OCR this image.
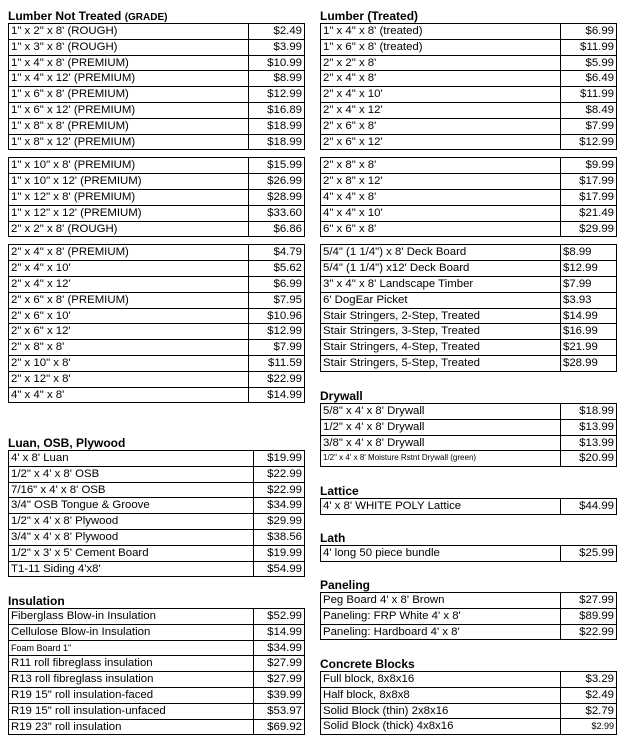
Lumber Not Treated (GRADE)
1" x 2" x 8' (ROUGH)	$2.49
1" x 3" x 8' (ROUGH)	$3.99
1" x 4" x 8' (PREMIUM)	$10.99
1" x 4" x 12' (PREMIUM)	$8.99
1" x 6" x 8' (PREMIUM)	$12.99
1" x 6" x 12' (PREMIUM)	$16.89
1" x 8" x 8' (PREMIUM)	$18.99
1" x 8" x 12' (PREMIUM)	$18.99

1" x 10" x 8' (PREMIUM)	$15.99
1" x 10" x 12' (PREMIUM)	$26.99
1" x 12" x 8' (PREMIUM)	$28.99
1" x 12" x 12' (PREMIUM)	$33.60
2" x 2" x 8' (ROUGH)	$6.86

2" x 4" x 8' (PREMIUM)	$4.79
2" x 4" x 10'	$5.62
2" x 4" x 12'	$6.99
2" x 6" x 8' (PREMIUM)	$7.95
2" x 6" x 10'	$10.96
2" x 6" x 12'	$12.99
2" x 8" x 8'	$7.99
2" x 10" x 8'	$11.59
2" x 12" x 8'	$22.99
4" x 4" x 8'	$14.99
Lumber (Treated)
1" x 4" x 8' (treated)	$6.99
1" x 6" x 8' (treated)	$11.99
2" x 2" x 8'	$5.99
2" x 4" x 8'	$6.49
2" x 4" x 10'	$11.99
2" x 4" x 12'	$8.49
2" x 6" x 8'	$7.99
2" x 6" x 12'	$12.99

2" x 8" x 8'	$9.99
2" x 8" x 12'	$17.99
4" x 4" x 8'	$17.99
4" x 4" x 10'	$21.49
6" x 6" x 8'	$29.99

5/4" (1 1/4") x 8' Deck Board	$8.99
5/4" (1 1/4") x12' Deck Board	$12.99
3" x 4" x 8' Landscape Timber	$7.99
6' DogEar Picket	$3.93
Stair Stringers, 2-Step, Treated	$14.99
Stair Stringers, 3-Step, Treated	$16.99
Stair Stringers, 4-Step, Treated	$21.99
Stair Stringers, 5-Step, Treated	$28.99
Drywall
5/8" x 4' x 8' Drywall	$18.99
1/2" x 4' x 8' Drywall	$13.99
3/8" x 4' x 8' Drywall	$13.99
1/2" x 4' x 8' Moisture Rstnt Drywall (green)	$20.99
Luan, OSB, Plywood
4' x 8' Luan	$19.99
1/2" x 4' x 8' OSB	$22.99
7/16" x 4' x 8' OSB	$22.99
3/4" OSB Tongue & Groove	$34.99
1/2" x 4' x 8' Plywood	$29.99
3/4" x 4' x 8' Plywood	$38.56
1/2" x 3' x 5' Cement Board	$19.99
T1-11 Siding 4'x8'	$54.99
Lattice
4' x 8' WHITE POLY Lattice	$44.99
Lath
4' long 50 piece bundle	$25.99
Paneling
Peg Board 4' x 8' Brown	$27.99
Paneling: FRP White 4' x 8'	$89.99
Paneling: Hardboard 4' x 8'	$22.99
Insulation
Fiberglass Blow-in Insulation	$52.99
Cellulose Blow-in Insulation	$14.99
Foam Board 1"	$34.99
R11 roll fibreglass insulation	$27.99
R13 roll fibreglass insulation	$27.99
R19 15" roll insulation-faced	$39.99
R19 15" roll insulation-unfaced	$53.97
R19 23" roll insulation	$69.92
Concrete Blocks
Full block, 8x8x16	$3.29
Half block, 8x8x8	$2.49
Solid Block (thin) 2x8x16	$2.79
Solid Block (thick) 4x8x16	$2.99
